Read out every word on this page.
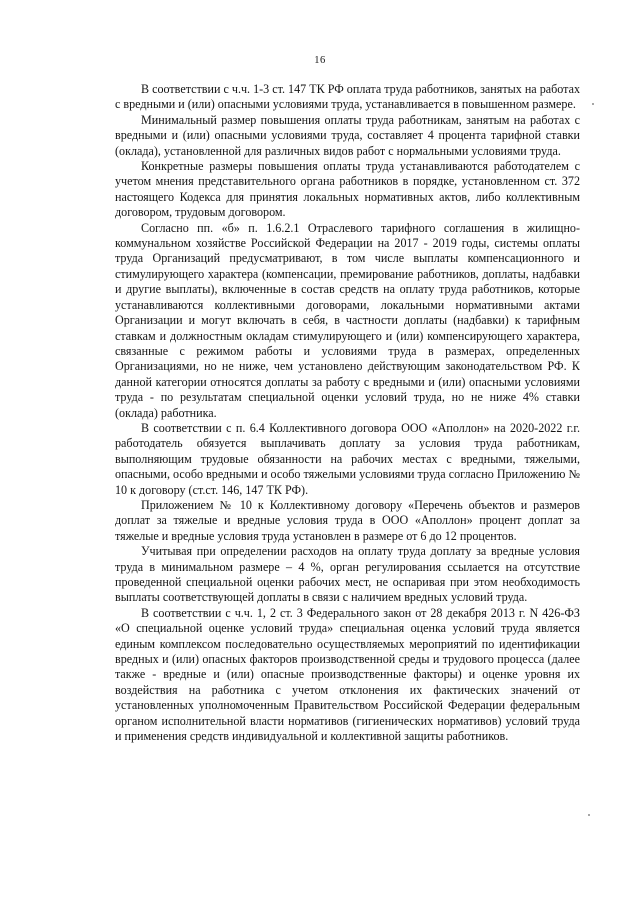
16

В соответствии с ч.ч. 1-3 ст. 147 ТК РФ оплата труда работников, занятых на работах с вредными и (или) опасными условиями труда, устанавливается в повышенном размере.

Минимальный размер повышения оплаты труда работникам, занятым на работах с вредными и (или) опасными условиями труда, составляет 4 процента тарифной ставки (оклада), установленной для различных видов работ с нормальными условиями труда.

Конкретные размеры повышения оплаты труда устанавливаются работодателем с учетом мнения представительного органа работников в порядке, установленном ст. 372 настоящего Кодекса для принятия локальных нормативных актов, либо коллективным договором, трудовым договором.

Согласно пп. «б» п. 1.6.2.1 Отраслевого тарифного соглашения в жилищно-коммунальном хозяйстве Российской Федерации на 2017 - 2019 годы, системы оплаты труда Организаций предусматривают, в том числе выплаты компенсационного и стимулирующего характера (компенсации, премирование работников, доплаты, надбавки и другие выплаты), включенные в состав средств на оплату труда работников, которые устанавливаются коллективными договорами, локальными нормативными актами Организации и могут включать в себя, в частности доплаты (надбавки) к тарифным ставкам и должностным окладам стимулирующего и (или) компенсирующего характера, связанные с режимом работы и условиями труда в размерах, определенных Организациями, но не ниже, чем установлено действующим законодательством РФ. К данной категории относятся доплаты за работу с вредными и (или) опасными условиями труда - по результатам специальной оценки условий труда, но не ниже 4% ставки (оклада) работника.

В соответствии с п. 6.4 Коллективного договора ООО «Аполлон» на 2020-2022 г.г. работодатель обязуется выплачивать доплату за условия труда работникам, выполняющим трудовые обязанности на рабочих местах с вредными, тяжелыми, опасными, особо вредными и особо тяжелыми условиями труда согласно Приложению № 10 к договору (ст.ст. 146, 147 ТК РФ).

Приложением № 10 к Коллективному договору «Перечень объектов и размеров доплат за тяжелые и вредные условия труда в ООО «Аполлон» процент доплат за тяжелые и вредные условия труда установлен в размере от 6 до 12 процентов.

Учитывая при определении расходов на оплату труда доплату за вредные условия труда в минимальном размере – 4 %, орган регулирования ссылается на отсутствие проведенной специальной оценки рабочих мест, не оспаривая при этом необходимость выплаты соответствующей доплаты в связи с наличием вредных условий труда.

В соответствии с ч.ч. 1, 2 ст. 3 Федерального закон от 28 декабря 2013 г. N 426-ФЗ «О специальной оценке условий труда» специальная оценка условий труда является единым комплексом последовательно осуществляемых мероприятий по идентификации вредных и (или) опасных факторов производственной среды и трудового процесса (далее также - вредные и (или) опасные производственные факторы) и оценке уровня их воздействия на работника с учетом отклонения их фактических значений от установленных уполномоченным Правительством Российской Федерации федеральным органом исполнительной власти нормативов (гигиенических нормативов) условий труда и применения средств индивидуальной и коллективной защиты работников.
